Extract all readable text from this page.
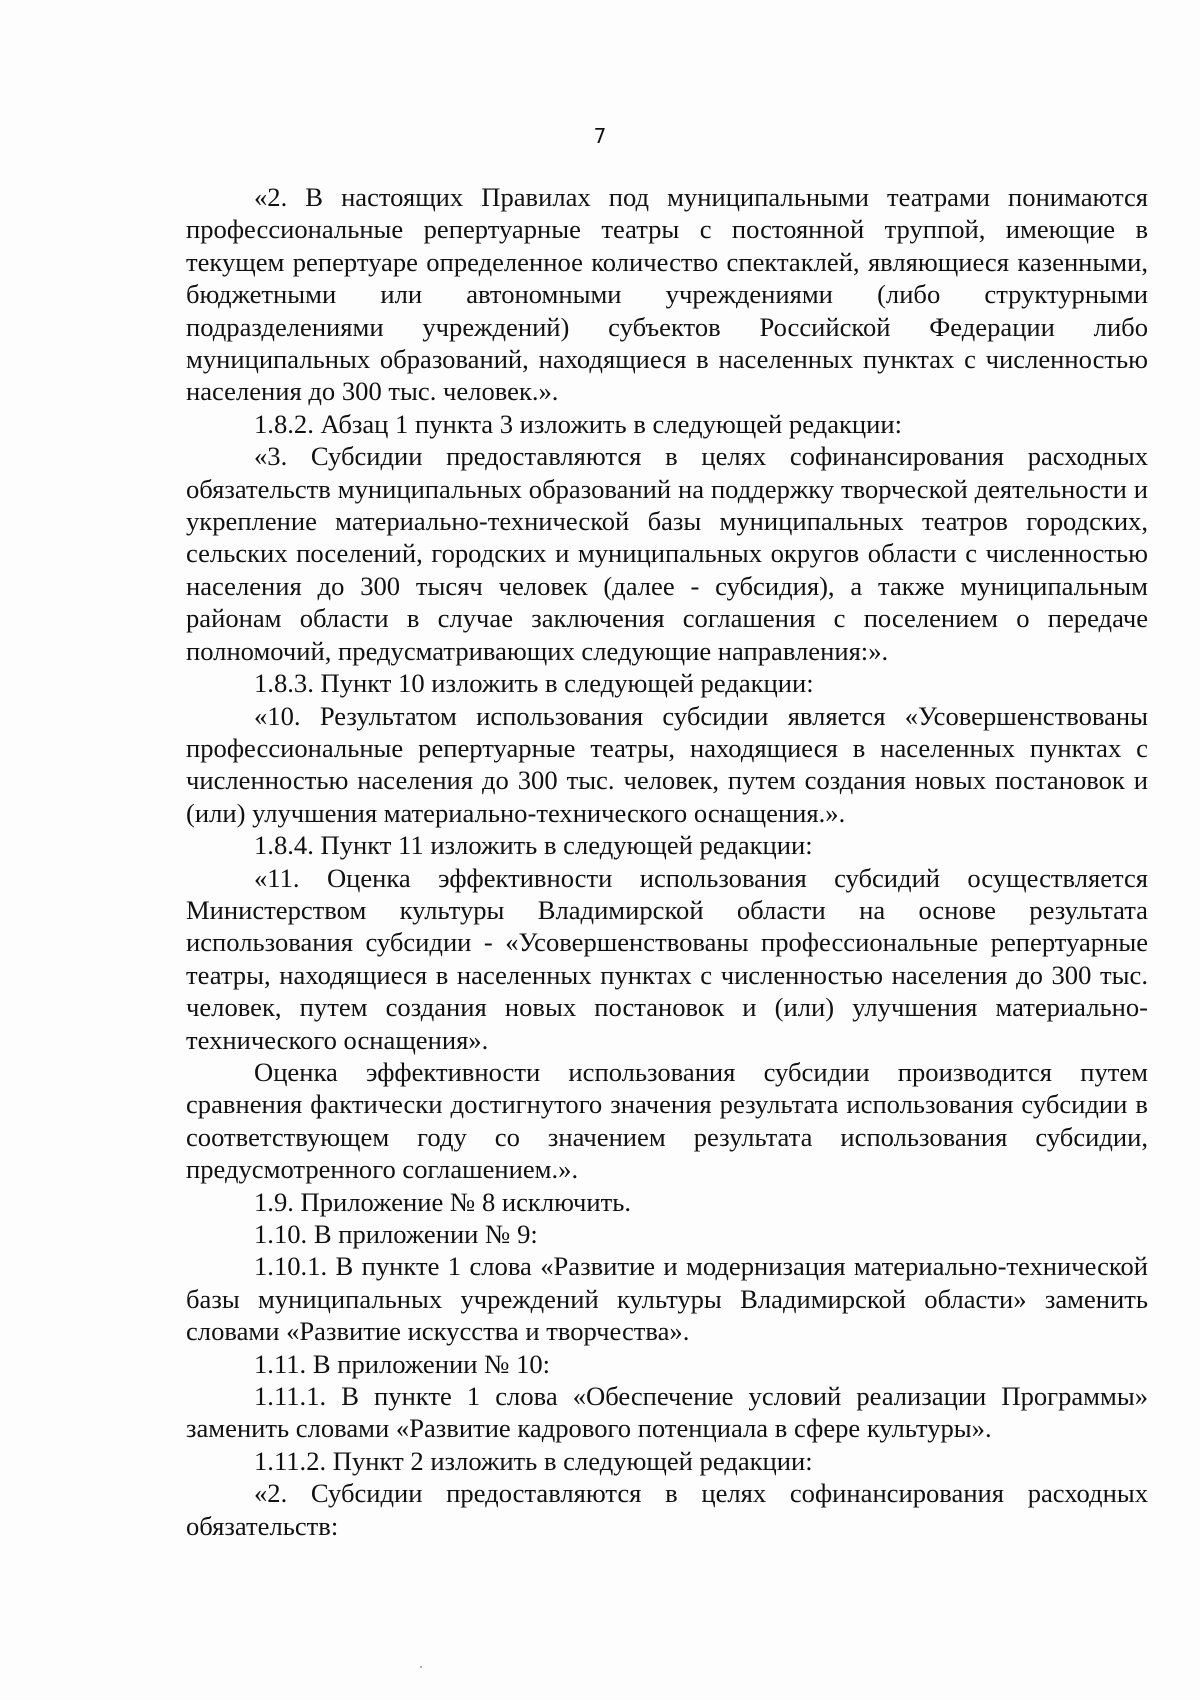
7

«2. В настоящих Правилах под муниципальными театрами понимаются профессиональные репертуарные театры с постоянной труппой, имеющие в текущем репертуаре определенное количество спектаклей, являющиеся казенными, бюджетными или автономными учреждениями (либо структурными подразделениями учреждений) субъектов Российской Федерации либо муниципальных образований, находящиеся в населенных пунктах с численностью населения до 300 тыс. человек.».

1.8.2. Абзац 1 пункта 3 изложить в следующей редакции:

«3. Субсидии предоставляются в целях софинансирования расходных обязательств муниципальных образований на поддержку творческой деятельности и укрепление материально-технической базы муниципальных театров городских, сельских поселений, городских и муниципальных округов области с численностью населения до 300 тысяч человек (далее - субсидия), а также муниципальным районам области в случае заключения соглашения с поселением о передаче полномочий, предусматривающих следующие направления:».

1.8.3. Пункт 10 изложить в следующей редакции:

«10. Результатом использования субсидии является «Усовершенствованы профессиональные репертуарные театры, находящиеся в населенных пунктах с численностью населения до 300 тыс. человек, путем создания новых постановок и (или) улучшения материально-технического оснащения.».

1.8.4. Пункт 11 изложить в следующей редакции:

«11. Оценка эффективности использования субсидий осуществляется Министерством культуры Владимирской области на основе результата использования субсидии - «Усовершенствованы профессиональные репертуарные театры, находящиеся в населенных пунктах с численностью населения до 300 тыс. человек, путем создания новых постановок и (или) улучшения материально-технического оснащения».

Оценка эффективности использования субсидии производится путем сравнения фактически достигнутого значения результата использования субсидии в соответствующем году со значением результата использования субсидии, предусмотренного соглашением.».

1.9. Приложение № 8 исключить.

1.10. В приложении № 9:

1.10.1. В пункте 1 слова «Развитие и модернизация материально-технической базы муниципальных учреждений культуры Владимирской области» заменить словами «Развитие искусства и творчества».

1.11. В приложении № 10:

1.11.1. В пункте 1 слова «Обеспечение условий реализации Программы» заменить словами «Развитие кадрового потенциала в сфере культуры».

1.11.2. Пункт 2 изложить в следующей редакции:

«2. Субсидии предоставляются в целях софинансирования расходных обязательств:
